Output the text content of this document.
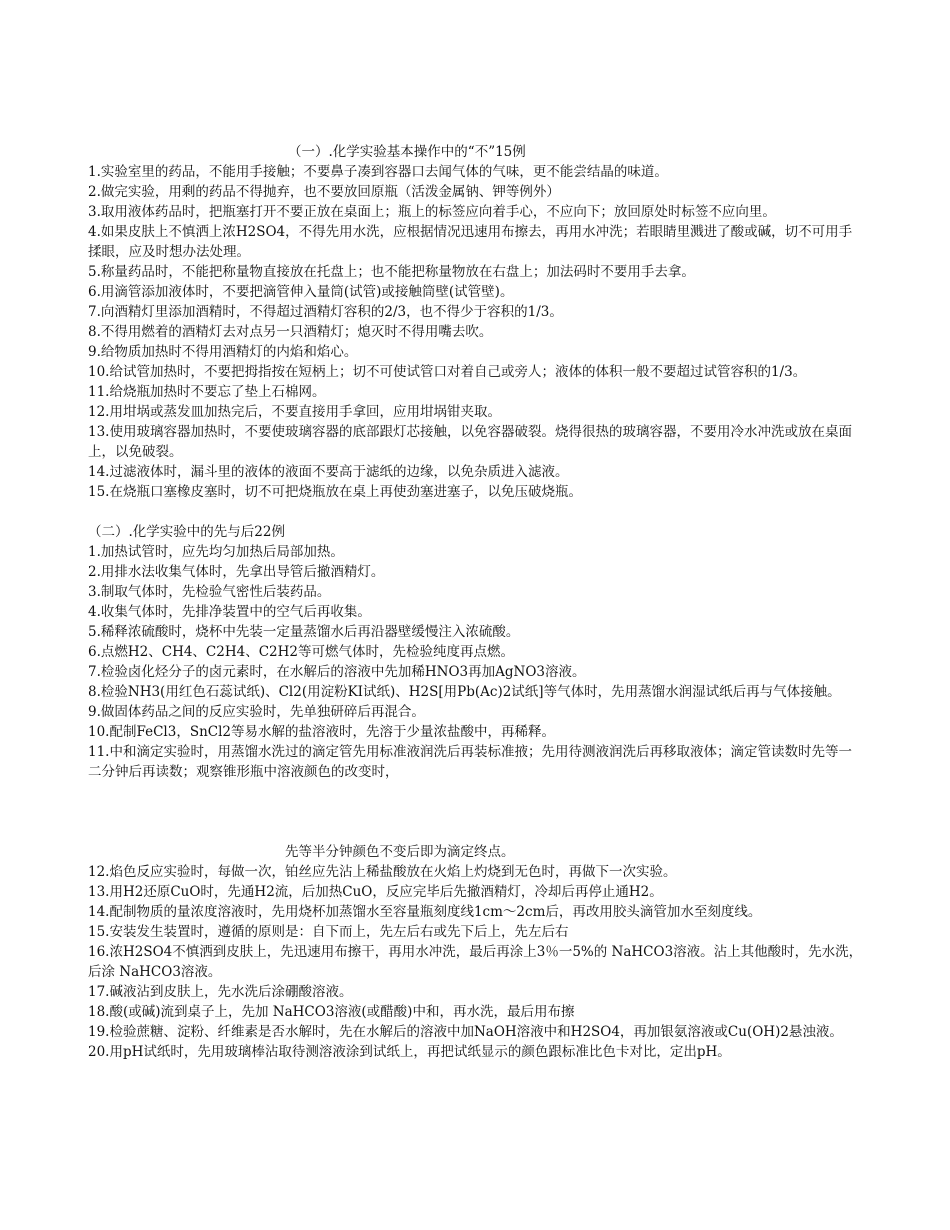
（一）.化学实验基本操作中的“不”15例

1.实验室里的药品，不能用手接触；不要鼻子凑到容器口去闻气体的气味，更不能尝结晶的味道。

2.做完实验，用剩的药品不得抛弃，也不要放回原瓶（活泼金属钠、钾等例外）

3.取用液体药品时，把瓶塞打开不要正放在桌面上；瓶上的标签应向着手心，不应向下；放回原处时标签不应向里。

4.如果皮肤上不慎洒上浓H2SO4，不得先用水洗，应根据情况迅速用布擦去，再用水冲洗；若眼睛里溅进了酸或碱，切不可用手揉眼，应及时想办法处理。

5.称量药品时，不能把称量物直接放在托盘上；也不能把称量物放在右盘上；加法码时不要用手去拿。

6.用滴管添加液体时，不要把滴管伸入量筒(试管)或接触筒壁(试管壁)。

7.向酒精灯里添加酒精时，不得超过酒精灯容积的2/3，也不得少于容积的1/3。

8.不得用燃着的酒精灯去对点另一只酒精灯；熄灭时不得用嘴去吹。

9.给物质加热时不得用酒精灯的内焰和焰心。

10.给试管加热时，不要把拇指按在短柄上；切不可使试管口对着自己或旁人；液体的体积一般不要超过试管容积的1/3。

11.给烧瓶加热时不要忘了垫上石棉网。

12.用坩埚或蒸发皿加热完后，不要直接用手拿回，应用坩埚钳夹取。

13.使用玻璃容器加热时，不要使玻璃容器的底部跟灯芯接触，以免容器破裂。烧得很热的玻璃容器，不要用冷水冲洗或放在桌面上，以免破裂。

14.过滤液体时，漏斗里的液体的液面不要高于滤纸的边缘，以免杂质进入滤液。

15.在烧瓶口塞橡皮塞时，切不可把烧瓶放在桌上再使劲塞进塞子，以免压破烧瓶。

（二）.化学实验中的先与后22例

1.加热试管时，应先均匀加热后局部加热。

2.用排水法收集气体时，先拿出导管后撤酒精灯。

3.制取气体时，先检验气密性后装药品。

4.收集气体时，先排净装置中的空气后再收集。

5.稀释浓硫酸时，烧杯中先装一定量蒸馏水后再沿器壁缓慢注入浓硫酸。

6.点燃H2、CH4、C2H4、C2H2等可燃气体时，先检验纯度再点燃。

7.检验卤化烃分子的卤元素时，在水解后的溶液中先加稀HNO3再加AgNO3溶液。

8.检验NH3(用红色石蕊试纸)、Cl2(用淀粉KI试纸)、H2S[用Pb(Ac)2试纸]等气体时，先用蒸馏水润湿试纸后再与气体接触。

9.做固体药品之间的反应实验时，先单独研碎后再混合。

10.配制FeCl3，SnCl2等易水解的盐溶液时，先溶于少量浓盐酸中，再稀释。

11.中和滴定实验时，用蒸馏水洗过的滴定管先用标准液润洗后再装标准掖；先用待测液润洗后再移取液体；滴定管读数时先等一二分钟后再读数；观察锥形瓶中溶液颜色的改变时，

先等半分钟颜色不变后即为滴定终点。

12.焰色反应实验时，每做一次，铂丝应先沾上稀盐酸放在火焰上灼烧到无色时，再做下一次实验。

13.用H2还原CuO时，先通H2流，后加热CuO，反应完毕后先撤酒精灯，冷却后再停止通H2。

14.配制物质的量浓度溶液时，先用烧杯加蒸馏水至容量瓶刻度线1cm～2cm后，再改用胶头滴管加水至刻度线。

15.安装发生装置时，遵循的原则是：自下而上，先左后右或先下后上，先左后右

16.浓H2SO4不慎洒到皮肤上，先迅速用布擦干，再用水冲洗，最后再涂上3％一5%的 NaHCO3溶液。沾上其他酸时，先水洗，后涂 NaHCO3溶液。

17.碱液沾到皮肤上，先水洗后涂硼酸溶液。

18.酸(或碱)流到桌子上，先加 NaHCO3溶液(或醋酸)中和，再水洗，最后用布擦

19.检验蔗糖、淀粉、纤维素是否水解时，先在水解后的溶液中加NaOH溶液中和H2SO4，再加银氨溶液或Cu(OH)2悬浊液。

20.用pH试纸时，先用玻璃棒沾取待测溶液涂到试纸上，再把试纸显示的颜色跟标准比色卡对比，定出pH。
